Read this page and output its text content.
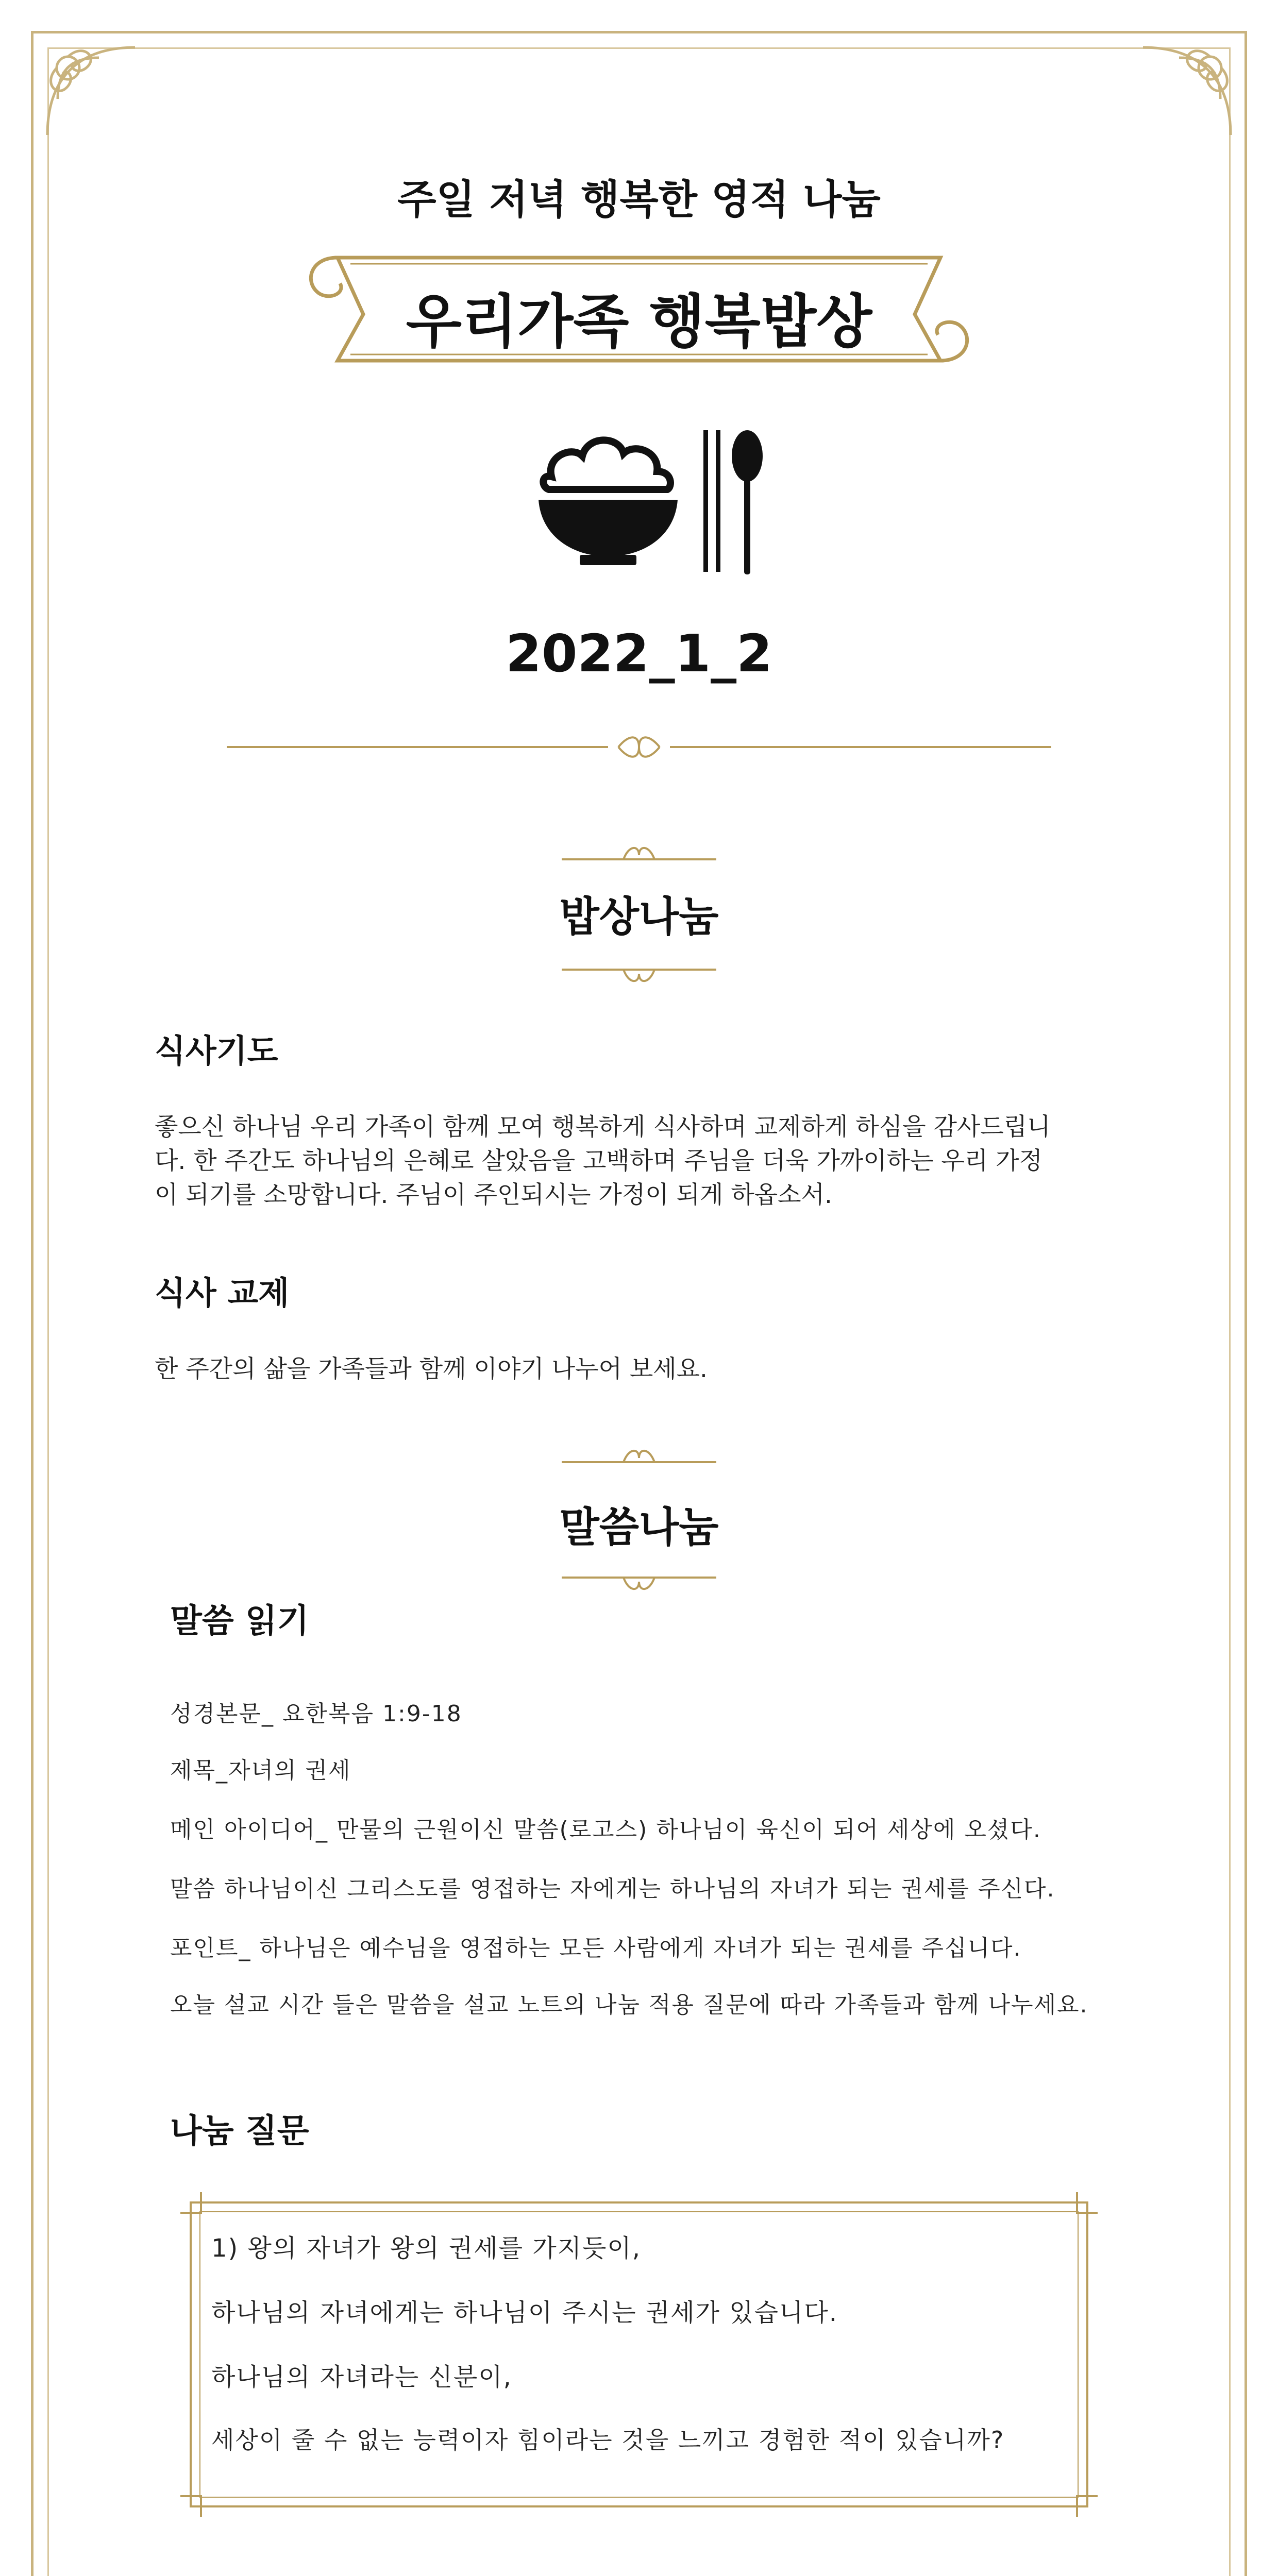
주일 저녁 행복한 영적 나눔
우리가족 행복밥상
2022_1_2
밥상나눔
식사기도
좋으신 하나님 우리 가족이 함께 모여 행복하게 식사하며 교제하게 하심을 감사드립니
다. 한 주간도 하나님의 은혜로 살았음을 고백하며 주님을 더욱 가까이하는 우리 가정
이 되기를 소망합니다. 주님이 주인되시는 가정이 되게 하옵소서.
식사 교제
한 주간의 삶을 가족들과 함께 이야기 나누어 보세요.
말씀나눔
말씀 읽기
성경본문_ 요한복음 1:9-18
제목_자녀의 권세
메인 아이디어_ 만물의 근원이신 말씀(로고스) 하나님이 육신이 되어 세상에 오셨다.
말씀 하나님이신 그리스도를 영접하는 자에게는 하나님의 자녀가 되는 권세를 주신다.
포인트_ 하나님은 예수님을 영접하는 모든 사람에게 자녀가 되는 권세를 주십니다.
오늘 설교 시간 들은 말씀을 설교 노트의 나눔 적용 질문에 따라 가족들과 함께 나누세요.
나눔 질문
1) 왕의 자녀가 왕의 권세를 가지듯이,
하나님의 자녀에게는 하나님이 주시는 권세가 있습니다.
하나님의 자녀라는 신분이,
세상이 줄 수 없는 능력이자 힘이라는 것을 느끼고 경험한 적이 있습니까?
